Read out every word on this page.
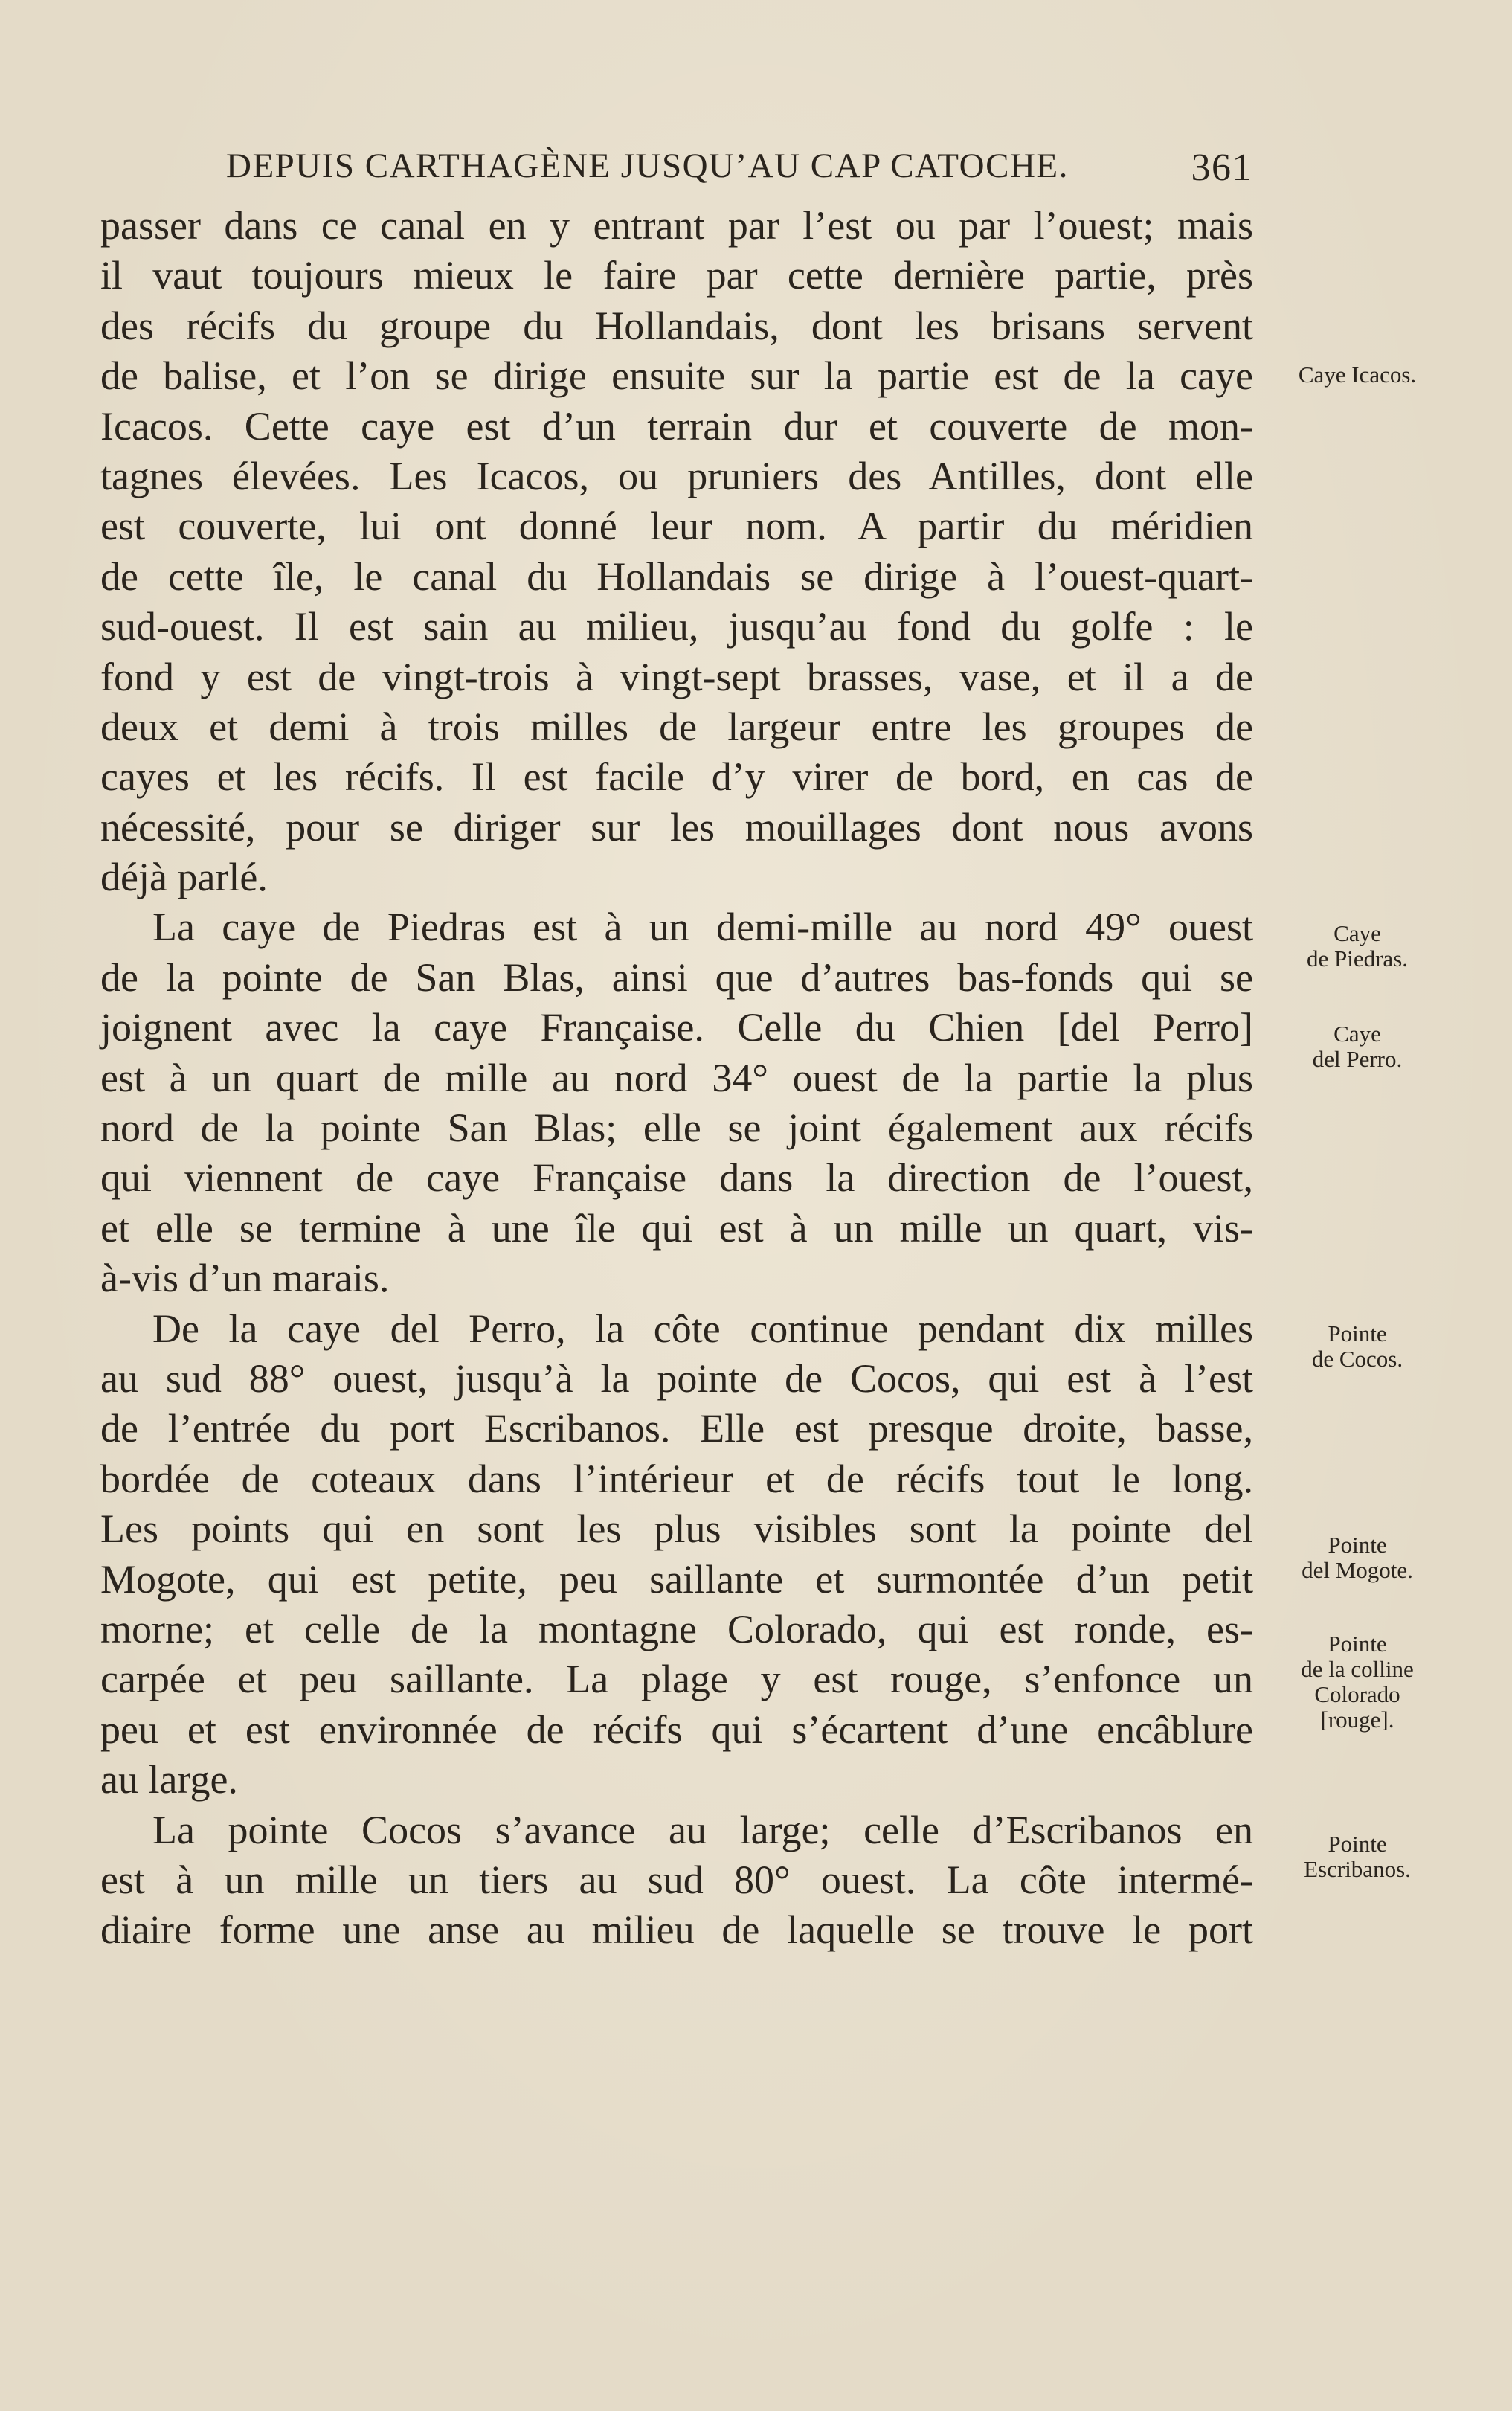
DEPUIS CARTHAGÈNE JUSQU’AU CAP CATOCHE.	361
passer dans ce canal en y entrant par l’est ou par l’ouest; mais
il vaut toujours mieux le faire par cette dernière partie, près
des récifs du groupe du Hollandais, dont les brisans servent
de balise, et l’on se dirige ensuite sur la partie est de la caye
Icacos. Cette caye est d’un terrain dur et couverte de mon-
tagnes élevées. Les Icacos, ou pruniers des Antilles, dont elle
est couverte, lui ont donné leur nom. A partir du méridien
de cette île, le canal du Hollandais se dirige à l’ouest-quart-
sud-ouest. Il est sain au milieu, jusqu’au fond du golfe : le
fond y est de vingt-trois à vingt-sept brasses, vase, et il a de
deux et demi à trois milles de largeur entre les groupes de
cayes et les récifs. Il est facile d’y virer de bord, en cas de
nécessité, pour se diriger sur les mouillages dont nous avons
déjà parlé.
La caye de Piedras est à un demi-mille au nord 49° ouest
de la pointe de San Blas, ainsi que d’autres bas-fonds qui se
joignent avec la caye Française. Celle du Chien [del Perro]
est à un quart de mille au nord 34° ouest de la partie la plus
nord de la pointe San Blas; elle se joint également aux récifs
qui viennent de caye Française dans la direction de l’ouest,
et elle se termine à une île qui est à un mille un quart, vis-
à-vis d’un marais.
De la caye del Perro, la côte continue pendant dix milles
au sud 88° ouest, jusqu’à la pointe de Cocos, qui est à l’est
de l’entrée du port Escribanos. Elle est presque droite, basse,
bordée de coteaux dans l’intérieur et de récifs tout le long.
Les points qui en sont les plus visibles sont la pointe del
Mogote, qui est petite, peu saillante et surmontée d’un petit
morne; et celle de la montagne Colorado, qui est ronde, es-
carpée et peu saillante. La plage y est rouge, s’enfonce un
peu et est environnée de récifs qui s’écartent d’une encâblure
au large.
La pointe Cocos s’avance au large; celle d’Escribanos en
est à un mille un tiers au sud 80° ouest. La côte intermé-
diaire forme une anse au milieu de laquelle se trouve le port
Caye Icacos.
Caye
de Piedras.
Caye
del Perro.
Pointe
de Cocos.
Pointe
del Mogote.
Pointe
de la colline
Colorado
[rouge].
Pointe
Escribanos.
